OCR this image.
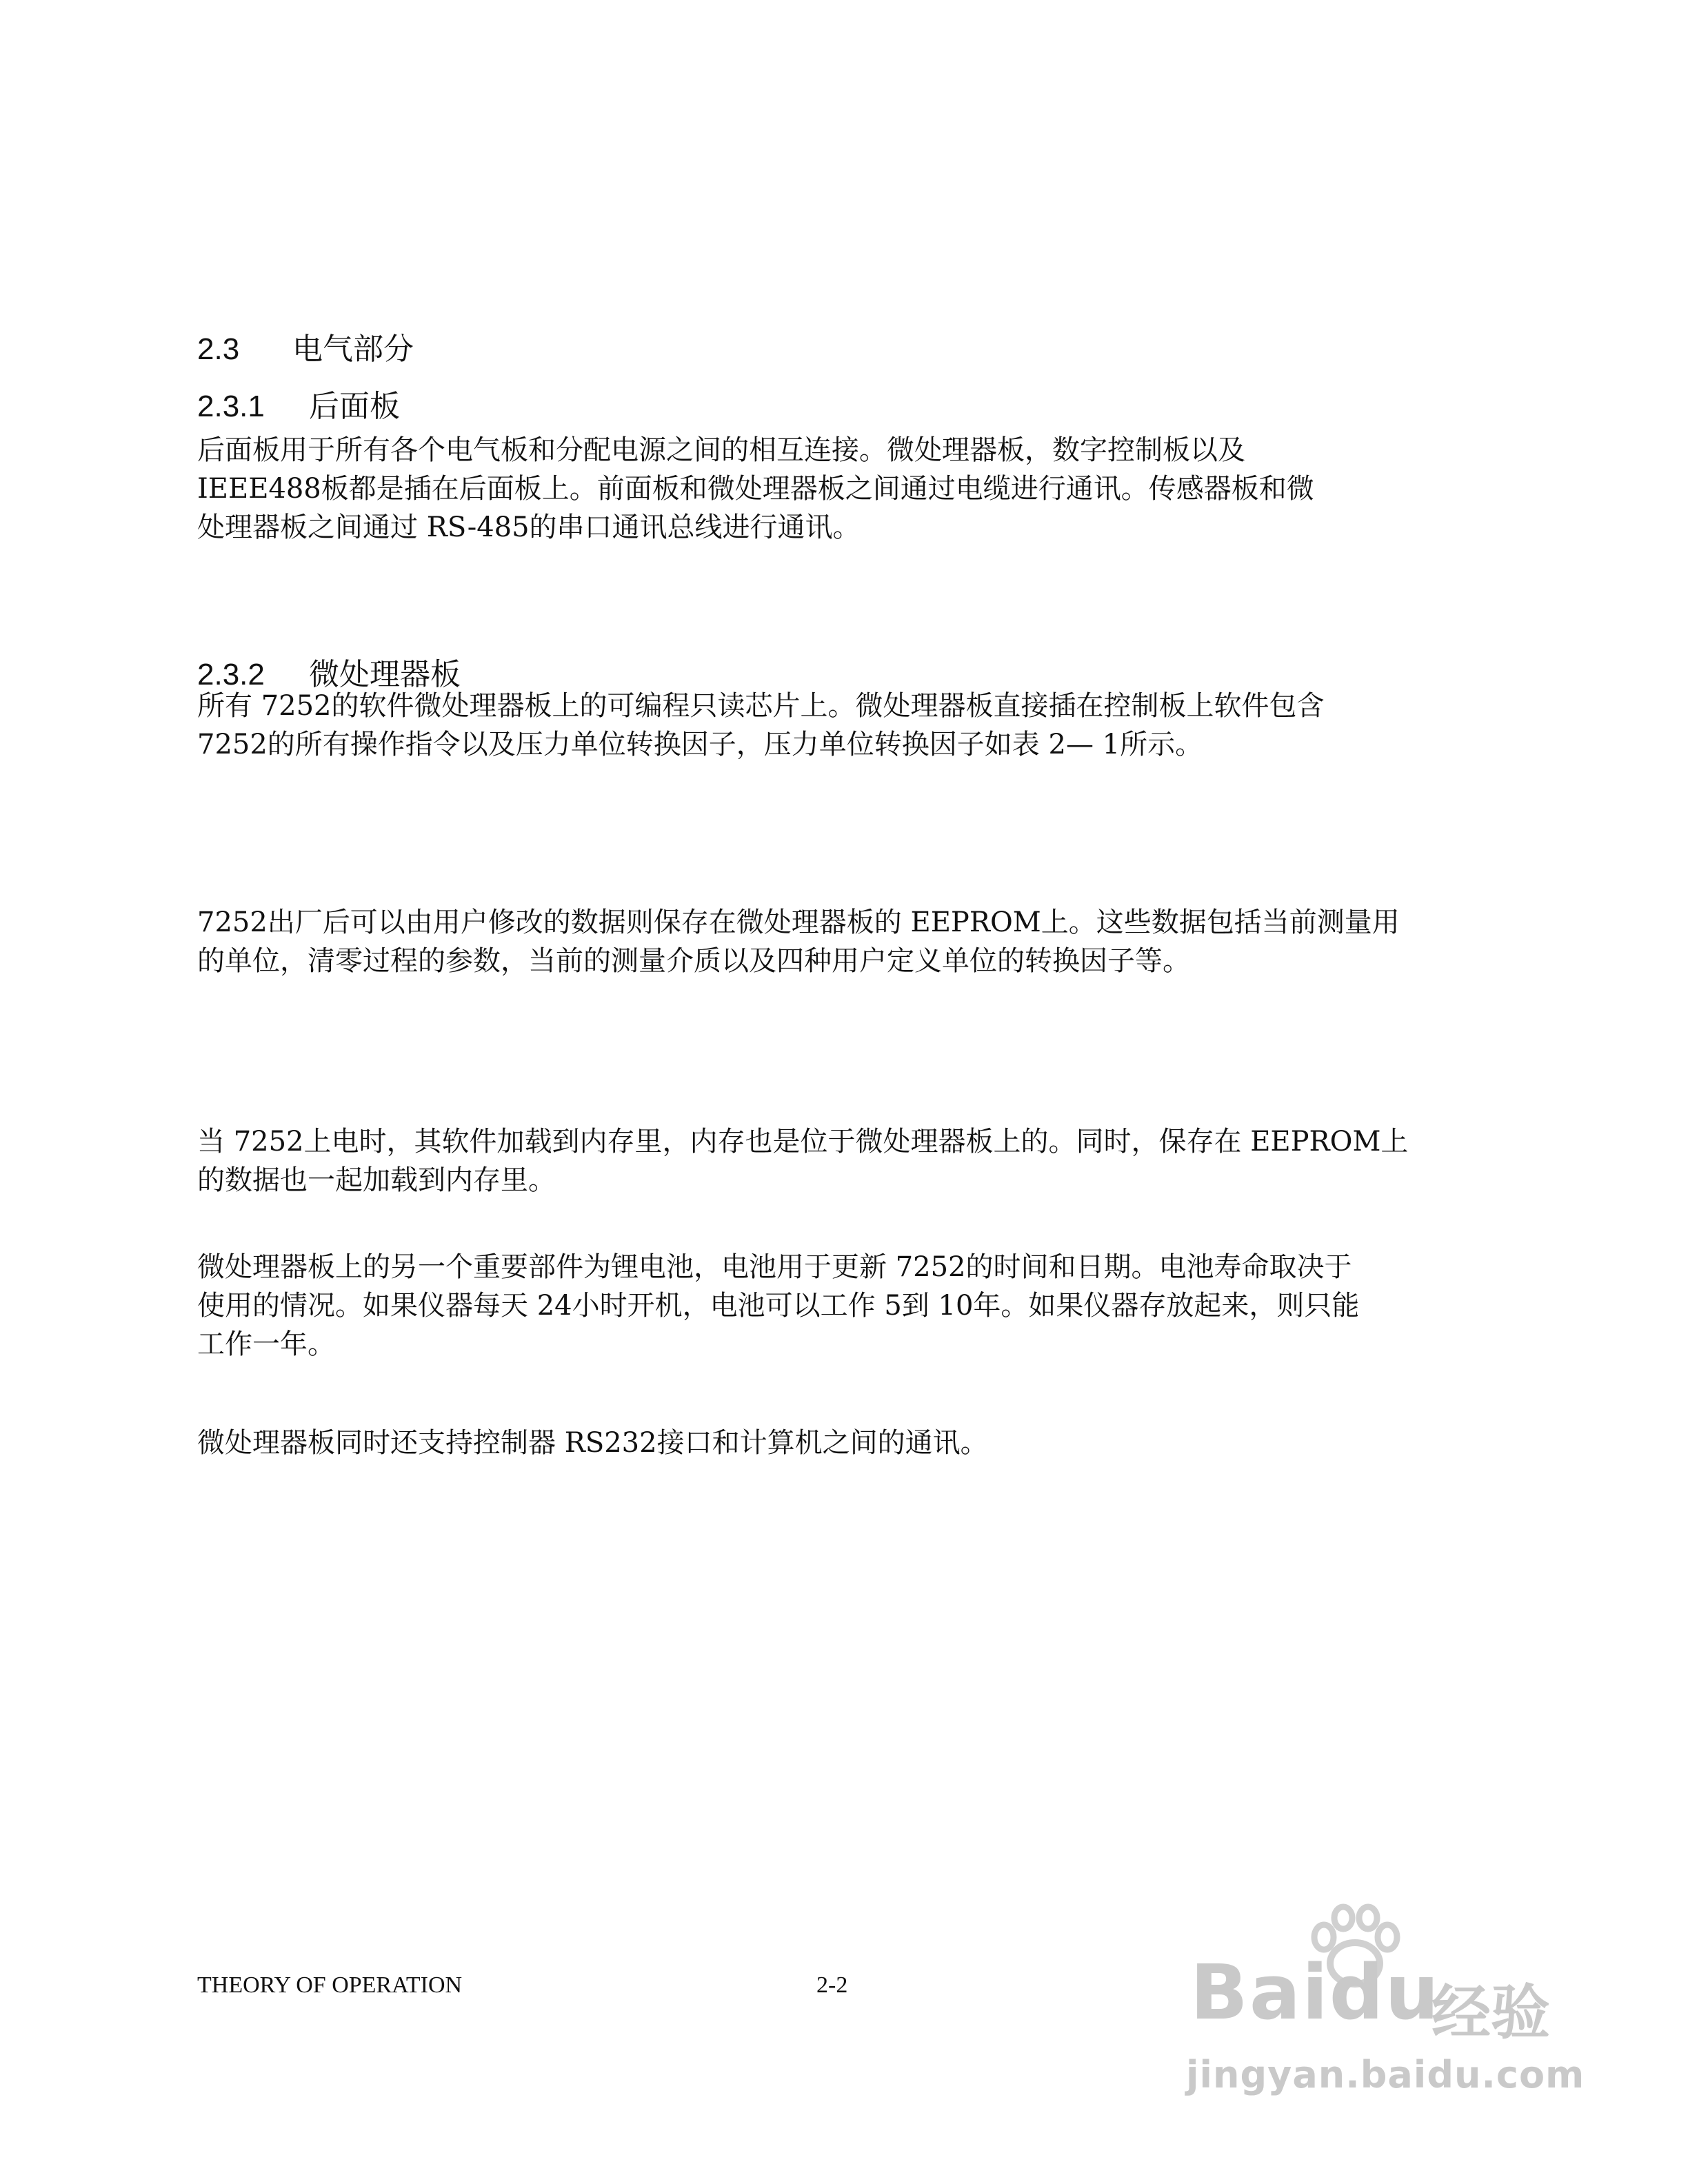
2.3 电气部分
2.3.1 后面板
后面板用于所有各个电气板和分配电源之间的相互连接。微处理器板，数字控制板以及
IEEE488板都是插在后面板上。前面板和微处理器板之间通过电缆进行通讯。传感器板和微
处理器板之间通过 RS-485的串口通讯总线进行通讯。
2.3.2 微处理器板
所有 7252的软件微处理器板上的可编程只读芯片上。微处理器板直接插在控制板上软件包含
7252的所有操作指令以及压力单位转换因子，压力单位转换因子如表 2— 1所示。
7252出厂后可以由用户修改的数据则保存在微处理器板的 EEPROM上。这些数据包括当前测量用
的单位，清零过程的参数，当前的测量介质以及四种用户定义单位的转换因子等。
当 7252上电时，其软件加载到内存里，内存也是位于微处理器板上的。同时，保存在 EEPROM上
的数据也一起加载到内存里。
微处理器板上的另一个重要部件为锂电池，电池用于更新 7252的时间和日期。电池寿命取决于
使用的情况。如果仪器每天 24小时开机，电池可以工作 5到 10年。如果仪器存放起来，则只能
工作一年。
微处理器板同时还支持控制器 RS232接口和计算机之间的通讯。
THEORY OF OPERATION	2-2	Baidu
经验
jingyan.baidu.com
